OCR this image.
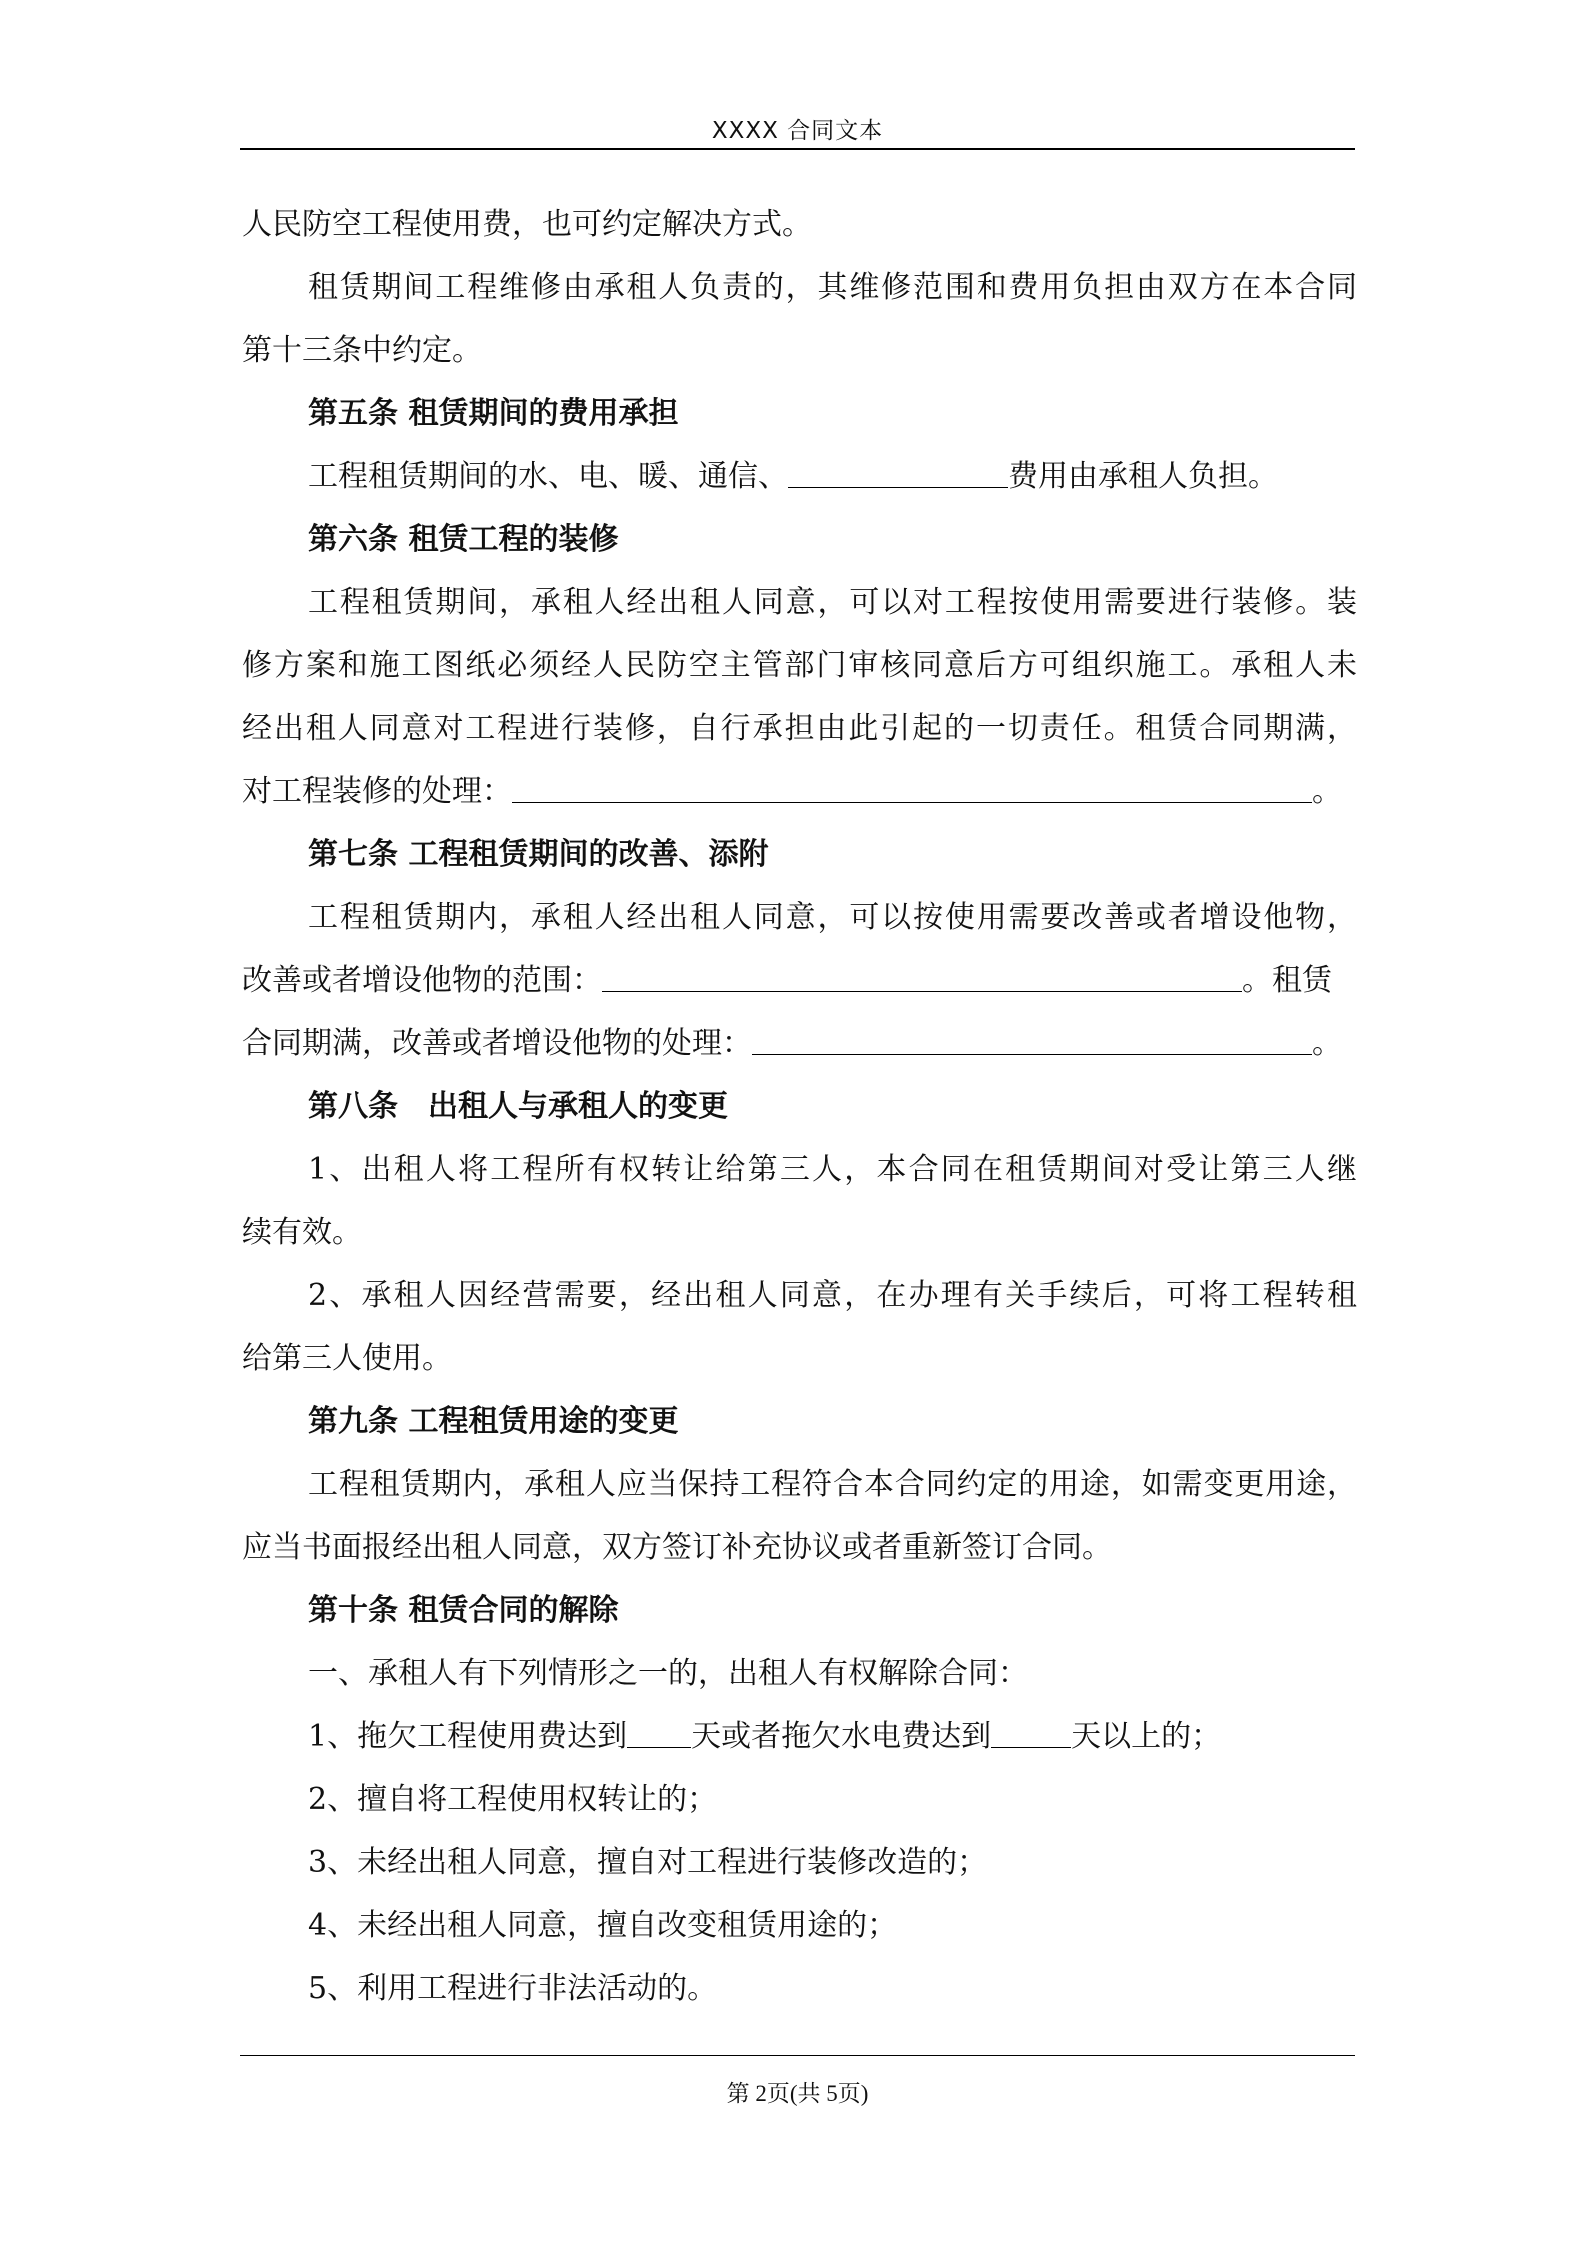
XXXX 合同文本
人民防空工程使用费，也可约定解决方式。
租赁期间工程维修由承租人负责的，其维修范围和费用负担由双方在本合同
第十三条中约定。
第五条 租赁期间的费用承担
工程租赁期间的水、电、暖、通信、	费用由承租人负担。
第六条 租赁工程的装修
工程租赁期间，承租人经出租人同意，可以对工程按使用需要进行装修。装
修方案和施工图纸必须经人民防空主管部门审核同意后方可组织施工。承租人未
经出租人同意对工程进行装修，自行承担由此引起的一切责任。租赁合同期满，
对工程装修的处理：	。
第七条 工程租赁期间的改善、添附
工程租赁期内，承租人经出租人同意，可以按使用需要改善或者增设他物，
改善或者增设他物的范围：	。租赁
合同期满，改善或者增设他物的处理：	。
第八条　出租人与承租人的变更
1、出租人将工程所有权转让给第三人，本合同在租赁期间对受让第三人继
续有效。
2、承租人因经营需要，经出租人同意，在办理有关手续后，可将工程转租
给第三人使用。
第九条 工程租赁用途的变更
工程租赁期内，承租人应当保持工程符合本合同约定的用途，如需变更用途，
应当书面报经出租人同意，双方签订补充协议或者重新签订合同。
第十条 租赁合同的解除
一、承租人有下列情形之一的，出租人有权解除合同：
1、拖欠工程使用费达到 天或者拖欠水电费达到	天以上的；
2、擅自将工程使用权转让的；
3、未经出租人同意，擅自对工程进行装修改造的；
4、未经出租人同意，擅自改变租赁用途的；
5、利用工程进行非法活动的。
第 2页(共 5页)
